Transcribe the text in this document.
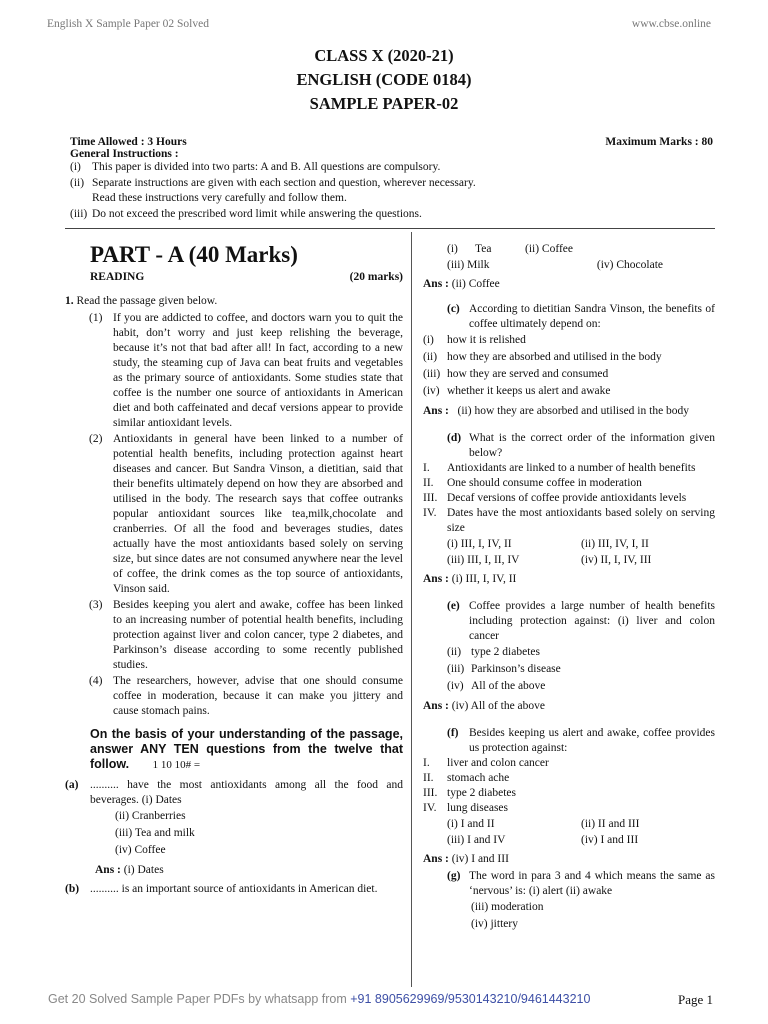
English X Sample Paper 02 Solved	www.cbse.online
CLASS X (2020-21)
ENGLISH (CODE 0184)
SAMPLE PAPER-02
Time Allowed : 3 Hours	Maximum Marks : 80
General Instructions :
(i) This paper is divided into two parts: A and B. All questions are compulsory.
(ii) Separate instructions are given with each section and question, wherever necessary.
Read these instructions very carefully and follow them.
(iii) Do not exceed the prescribed word limit while answering the questions.
PART - A (40 Marks)
READING	(20 marks)
1. Read the passage given below.
(1) If you are addicted to coffee, and doctors warn you to quit the habit, don’t worry and just keep relishing the beverage, because it’s not that bad after all! In fact, according to a new study, the steaming cup of Java can beat fruits and vegetables as the primary source of antioxidants. Some studies state that coffee is the number one source of antioxidants in American diet and both caffeinated and decaf versions appear to provide similar antioxidant levels.
(2) Antioxidants in general have been linked to a number of potential health benefits, including protection against heart diseases and cancer. But Sandra Vinson, a dietitian, said that their benefits ultimately depend on how they are absorbed and utilised in the body. The research says that coffee outranks popular antioxidant sources like tea,milk,chocolate and cranberries. Of all the food and beverages studies, dates actually have the most antioxidants based solely on serving size, but since dates are not consumed anywhere near the level of coffee, the drink comes as the top source of antioxidants, Vinson said.
(3) Besides keeping you alert and awake, coffee has been linked to an increasing number of potential health benefits, including protection against liver and colon cancer, type 2 diabetes, and Parkinson’s disease according to some recently published studies.
(4) The researchers, however, advise that one should consume coffee in moderation, because it can make you jittery and cause stomach pains.
On the basis of your understanding of the passage, answer ANY TEN questions from the twelve that follow. 1 10 10# =
(a)	.......... have the most antioxidants among all the food and beverages. (i) Dates
(ii) Cranberries
(iii) Tea and milk
(iv) Coffee
Ans : (i) Dates
(b) .......... is an important source of antioxidants in American diet.
(i)	Tea	(ii) Coffee
(iii) Milk	(iv) Chocolate
Ans : (ii) Coffee
(c) According to dietitian Sandra Vinson, the benefits of coffee ultimately depend on:
(i)	how it is relished
(ii) how they are absorbed and utilised in the body
(iii) how they are served and consumed
(iv) whether it keeps us alert and awake
Ans : (ii) how they are absorbed and utilised in the body
(d) What is the correct order of the information given below?
I.	Antioxidants are linked to a number of health benefits
II.	One should consume coffee in moderation
III. Decaf versions of coffee provide antioxidants levels
IV. Dates have the most antioxidants based solely on serving size
(i) III, I, IV, II	(ii) III, IV, I, II
(iii) III, I, II, IV	(iv) II, I, IV, III
Ans : (i) III, I, IV, II
(e) Coffee provides a large number of health benefits including protection against: (i) liver and colon cancer
(ii) type 2 diabetes
(iii) Parkinson’s disease
(iv) All of the above
Ans : (iv) All of the above
(f) Besides keeping us alert and awake, coffee provides us protection against:
I.	liver and colon cancer
II.	stomach ache
III. type 2 diabetes
IV. lung diseases
(i) I and II	(ii) II and III
(iii) I and IV	(iv) I and III
Ans : (iv) I and III
(g) The word in para 3 and 4 which means the same as ‘nervous’ is: (i) alert (ii) awake
(iii) moderation
(iv) jittery
Get 20 Solved Sample Paper PDFs by whatsapp from +91 8905629969/9530143210/9461443210	Page 1
